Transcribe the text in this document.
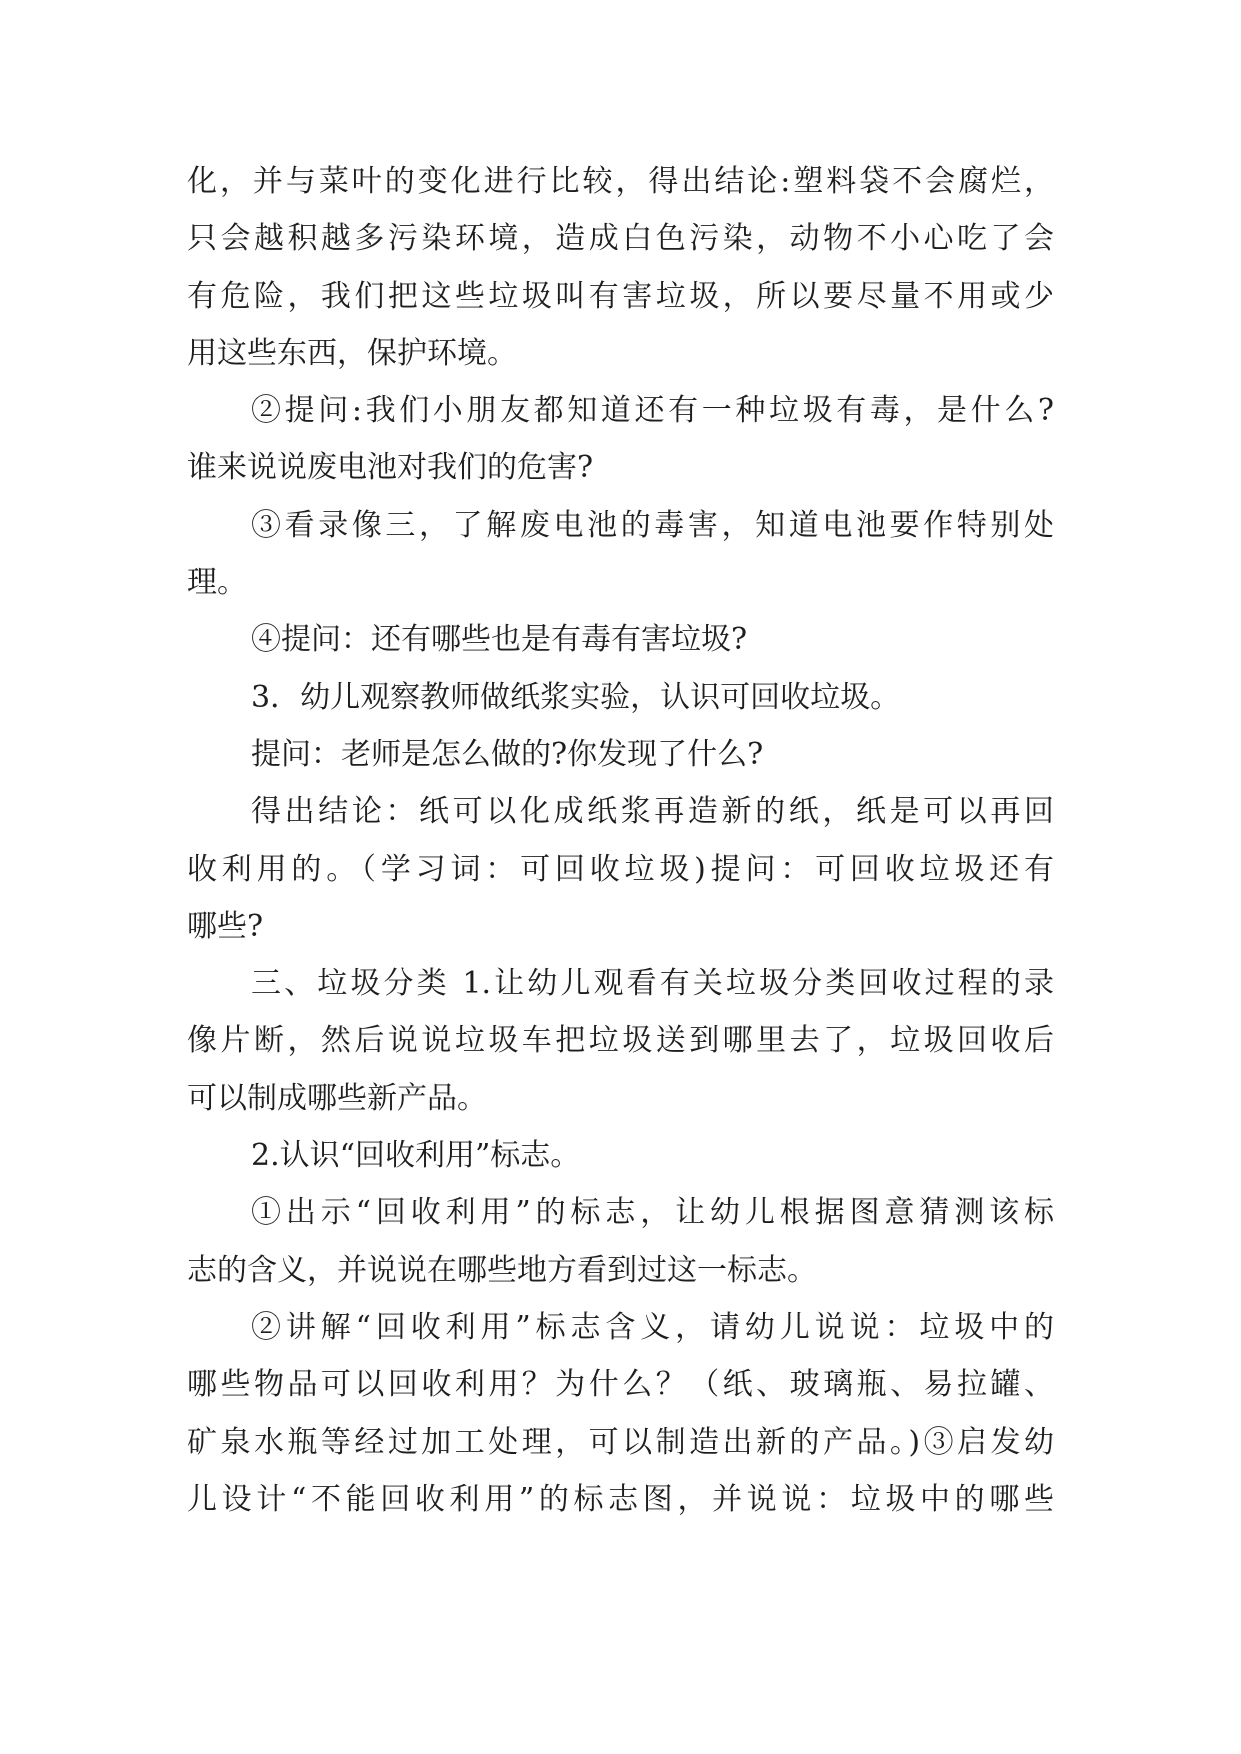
化，并与菜叶的变化进行比较，得出结论:塑料袋不会腐烂，
只会越积越多污染环境，造成白色污染，动物不小心吃了会
有危险，我们把这些垃圾叫有害垃圾，所以要尽量不用或少
用这些东西，保护环境。
②提问:我们小朋友都知道还有一种垃圾有毒，是什么?
谁来说说废电池对我们的危害?
③看录像三，了解废电池的毒害，知道电池要作特别处
理。
④提问：还有哪些也是有毒有害垃圾?
3．幼儿观察教师做纸浆实验，认识可回收垃圾。
提问：老师是怎么做的?你发现了什么?
得出结论：纸可以化成纸浆再造新的纸，纸是可以再回
收利用的。（学习词：可回收垃圾)提问：可回收垃圾还有
哪些?
三、垃圾分类 1.让幼儿观看有关垃圾分类回收过程的录
像片断，然后说说垃圾车把垃圾送到哪里去了，垃圾回收后
可以制成哪些新产品。
2.认识“回收利用”标志。
①出示“回收利用”的标志，让幼儿根据图意猜测该标
志的含义，并说说在哪些地方看到过这一标志。
②讲解“回收利用”标志含义，请幼儿说说：垃圾中的
哪些物品可以回收利用？为什么？（纸、玻璃瓶、易拉罐、
矿泉水瓶等经过加工处理，可以制造出新的产品。)③启发幼
儿设计“不能回收利用”的标志图，并说说：垃圾中的哪些
